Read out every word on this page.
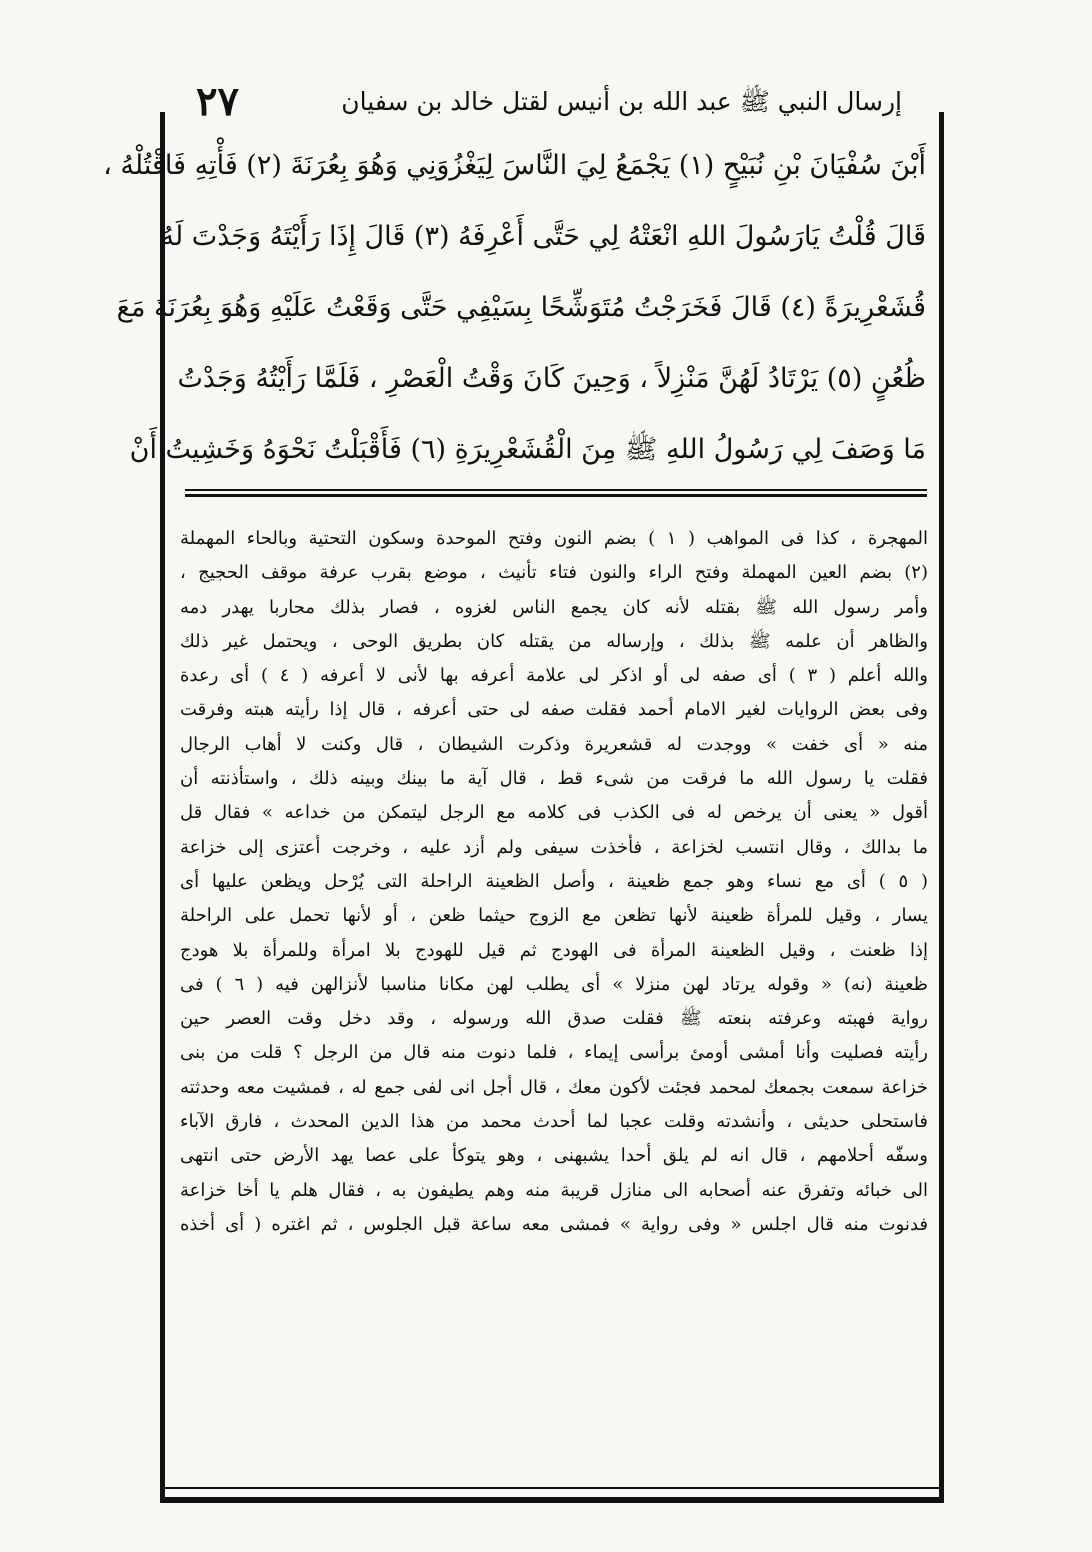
٢٧	إرسال النبي ﷺ عبد الله بن أنيس لقتل خالد بن سفيان
أَبْنَ سُفْيَانَ بْنِ نُبَيْحٍ (١) يَجْمَعُ لِيَ النَّاسَ لِيَغْزُوَنِي وَهُوَ بِعُرَنَةَ (٢) فَأْتِهِ فَاقْتُلْهُ ،
قَالَ قُلْتُ يَارَسُولَ اللهِ انْعَتْهُ لِي حَتَّى أَعْرِفَهُ (٣) قَالَ إِذَا رَأَيْتَهُ وَجَدْتَ لَهُ
قُشَعْرِيرَةً (٤) قَالَ فَخَرَجْتُ مُتَوَشِّحًا بِسَيْفِي حَتَّى وَقَعْتُ عَلَيْهِ وَهُوَ بِعُرَنَةَ مَعَ
ظُعُنٍ (٥) يَرْتَادُ لَهُنَّ مَنْزِلاً ، وَحِينَ كَانَ وَقْتُ الْعَصْرِ ، فَلَمَّا رَأَيْتُهُ وَجَدْتُ
مَا وَصَفَ لِي رَسُولُ اللهِ ﷺ مِنَ الْقُشَعْرِيرَةِ (٦) فَأَقْبَلْتُ نَحْوَهُ وَخَشِيتُ أَنْ
المهجرة ، كذا فى المواهب ( ١ ) بضم النون وفتح الموحدة وسكون التحتية وبالحاء المهملة
(٢) بضم العين المهملة وفتح الراء والنون فتاء تأنيث ، موضع بقرب عرفة موقف الحجيج ،
وأمر رسول الله ﷺ بقتله لأنه كان يجمع الناس لغزوه ، فصار بذلك محاربا يهدر دمه
والظاهر أن علمه ﷺ بذلك ، وإرساله من يقتله كان بطريق الوحى ، ويحتمل غير ذلك
والله أعلم ( ٣ ) أى صفه لى أو اذكر لى علامة أعرفه بها لأنى لا أعرفه ( ٤ ) أى رعدة
وفى بعض الروايات لغير الامام أحمد فقلت صفه لى حتى أعرفه ، قال إذا رأيته هبته وفرقت
منه « أى خفت » ووجدت له قشعريرة وذكرت الشيطان ، قال وكنت لا أهاب الرجال
فقلت يا رسول الله ما فرقت من شىء قط ، قال آية ما بينك وبينه ذلك ، واستأذنته أن
أقول « يعنى أن يرخص له فى الكذب فى كلامه مع الرجل ليتمكن من خداعه » فقال قل
ما بدالك ، وقال انتسب لخزاعة ، فأخذت سيفى ولم أزد عليه ، وخرجت أعتزى إلى خزاعة
( ٥ ) أى مع نساء وهو جمع ظعينة ، وأصل الظعينة الراحلة التى يُرْحل ويظعن عليها أى
يسار ، وقيل للمرأة ظعينة لأنها تظعن مع الزوج حيثما ظعن ، أو لأنها تحمل على الراحلة
إذا ظعنت ، وقيل الظعينة المرأة فى الهودج ثم قيل للهودج بلا امرأة وللمرأة بلا هودج
ظعينة (نه) « وقوله يرتاد لهن منزلا » أى يطلب لهن مكانا مناسبا لأنزالهن فيه ( ٦ ) فى
رواية فهبته وعرفته بنعته ﷺ فقلت صدق الله ورسوله ، وقد دخل وقت العصر حين
رأيته فصليت وأنا أمشى أومئ برأسى إيماء ، فلما دنوت منه قال من الرجل ؟ قلت من بنى
خزاعة سمعت بجمعك لمحمد فجئت لأكون معك ، قال أجل انى لفى جمع له ، فمشيت معه وحدثته
فاستحلى حديثى ، وأنشدته وقلت عجبا لما أحدث محمد من هذا الدين المحدث ، فارق الآباء
وسفّه أحلامهم ، قال انه لم يلق أحدا يشبهنى ، وهو يتوكأ على عصا يهد الأرض حتى انتهى
الى خبائه وتفرق عنه أصحابه الى منازل قريبة منه وهم يطيفون به ، فقال هلم يا أخا خزاعة
فدنوت منه قال اجلس « وفى رواية » فمشى معه ساعة قبل الجلوس ، ثم اغتره ( أى أخذه
